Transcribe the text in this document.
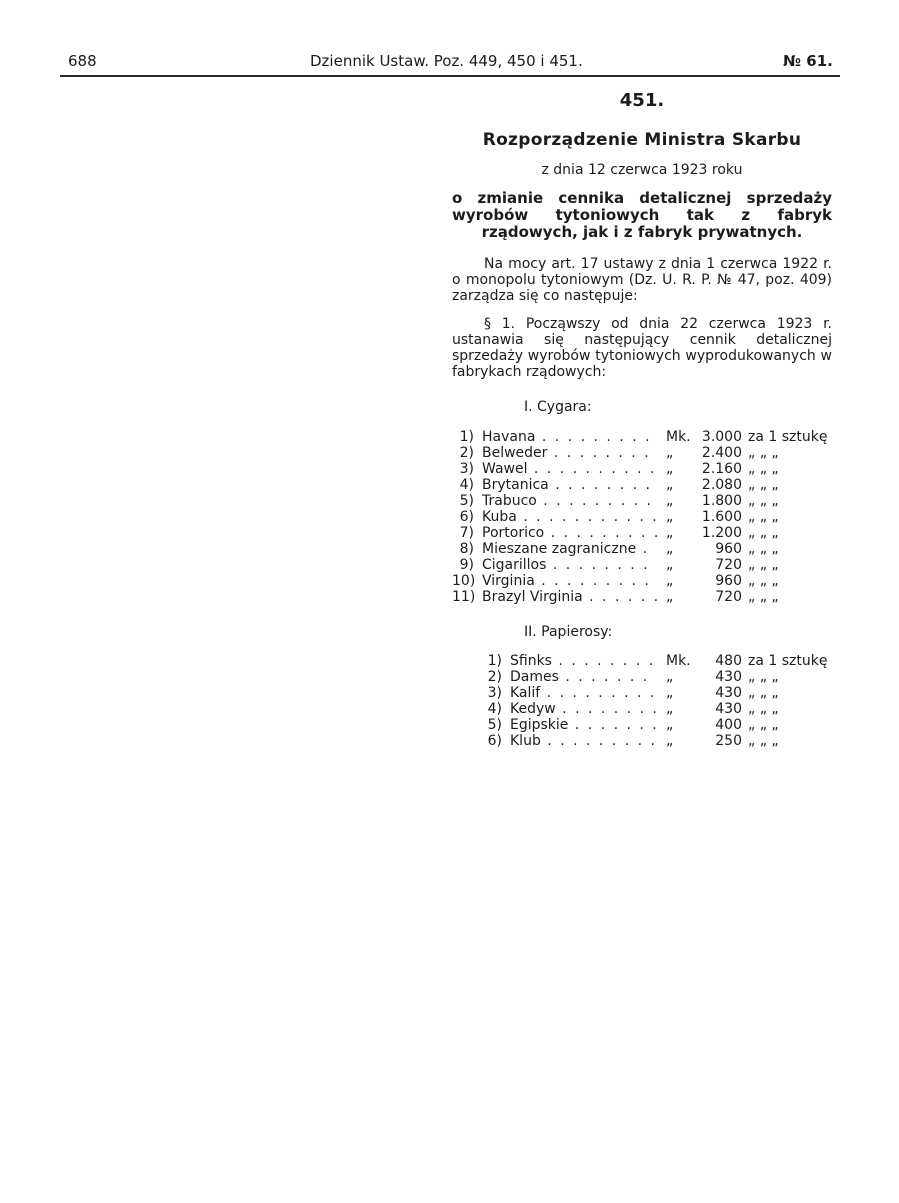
688	Dziennik Ustaw. Poz. 449, 450 i 451.	№ 61.
451.
Rozporządzenie Ministra Skarbu
z dnia 12 czerwca 1923 roku
o zmianie cennika detalicznej sprzedaży wyrobów tytoniowych tak z fabryk rządowych, jak i z fabryk prywatnych.
Na mocy art. 17 ustawy z dnia 1 czerwca 1922 r. o monopolu tytoniowym (Dz. U. R. P. № 47, poz. 409) zarządza się co następuje:
§ 1. Począwszy od dnia 22 czerwca 1923 r. ustanawia się następujący cennik detalicznej sprzedaży wyrobów tytoniowych wyprodukowanych w fabrykach rządowych:
I. Cygara:
1) Havana . . .	Mk. 3.000 za 1 sztukę
2) Belweder . . .	„	2.400 „ „ „
3) Wawel . . .	„	2.160 „ „ „
4) Brytanica . . .	„	2.080 „ „ „
5) Trabuco . . .	„	1.800 „ „ „
6) Kuba . . .	„	1.600 „ „ „
7) Portorico . . .	„	1.200 „ „ „
8) Mieszane zagraniczne . . .	„	960 „ „ „
9) Cigarillos . . .	„	720 „ „ „
10) Virginia . . .	„	960 „ „ „
11) Brazyl Virginia . . .	„	720 „ „ „
II. Papierosy:
1) Sfinks . . .	Mk.	480 za 1 sztukę
2) Dames . . .	„	430 „ „ „
3) Kalif . . .	„	430 „ „ „
4) Kedyw . . .	„	430 „ „ „
5) Egipskie . . .	„	400 „ „ „
6) Klub . . .	„	250 „ „ „
